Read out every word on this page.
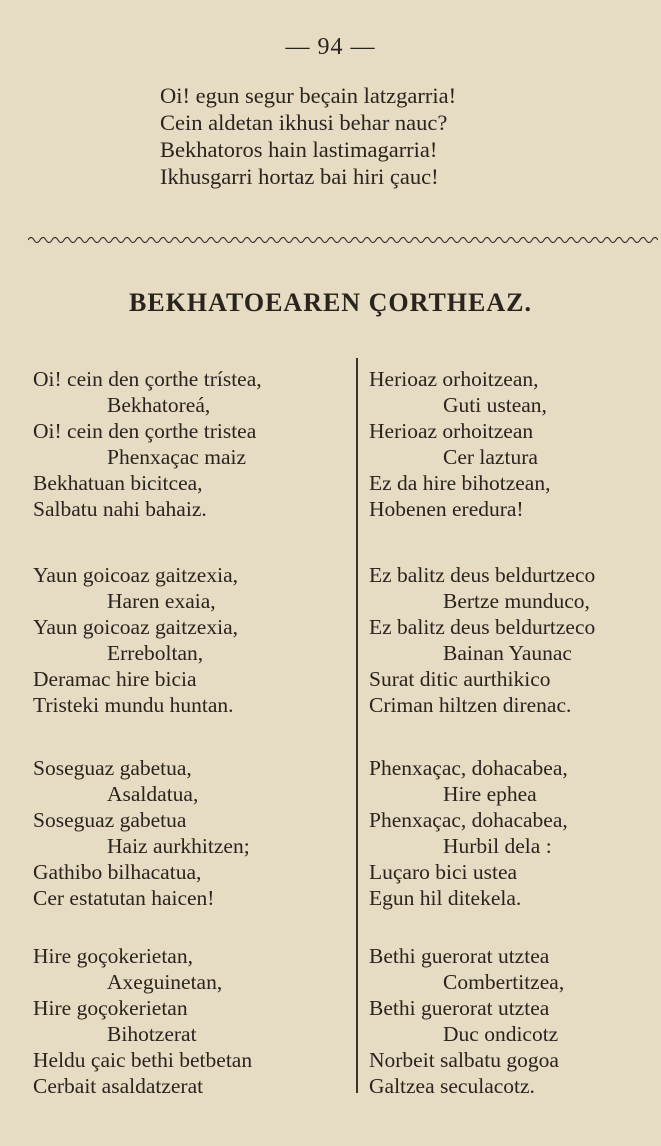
— 94 —
Oi! egun segur beçain latzgarria!
Cein aldetan ikhusi behar nauc?
Bekhatoros hain lastimagarria!
Ikhusgarri hortaz bai hiri çauc!
BEKHATOEAREN ÇORTHEAZ.
Oi! cein den çorthe trístea,
Bekhatoreá,
Oi! cein den çorthe tristea
Phenxaçac maiz
Bekhatuan bicitcea,
Salbatu nahi bahaiz.
Yaun goicoaz gaitzexia,
Haren exaia,
Yaun goicoaz gaitzexia,
Erreboltan,
Deramac hire bicia
Tristeki mundu huntan.
Soseguaz gabetua,
Asaldatua,
Soseguaz gabetua
Haiz aurkhitzen;
Gathibo bilhacatua,
Cer estatutan haicen!
Hire goçokerietan,
Axeguinetan,
Hire goçokerietan
Bihotzerat
Heldu çaic bethi betbetan
Cerbait asaldatzerat
Herioaz orhoitzean,
Guti ustean,
Herioaz orhoitzean
Cer laztura
Ez da hire bihotzean,
Hobenen eredura!
Ez balitz deus beldurtzeco
Bertze munduco,
Ez balitz deus beldurtzeco
Bainan Yaunac
Surat ditic aurthikico
Criman hiltzen direnac.
Phenxaçac, dohacabea,
Hire ephea
Phenxaçac, dohacabea,
Hurbil dela :
Luçaro bici ustea
Egun hil ditekela.
Bethi guerorat utztea
Combertitzea,
Bethi guerorat utztea
Duc ondicotz
Norbeit salbatu gogoa
Galtzea seculacotz.
